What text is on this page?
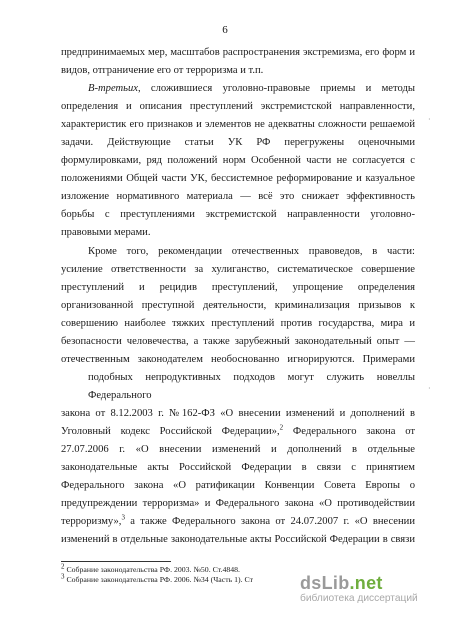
6
предпринимаемых мер, масштабов распространения экстремизма, его форм и
видов, отграничение его от терроризма и т.п.
В-третьих, сложившиеся уголовно-правовые приемы и методы
определения и описания преступлений экстремистской направленности,
характеристик его признаков и элементов не адекватны сложности решаемой
задачи. Действующие статьи УК РФ перегружены оценочными
формулировками, ряд положений норм Особенной части не согласуется с
положениями Общей части УК, бессистемное реформирование и казуальное
изложение нормативного материала — всё это снижает эффективность
борьбы с преступлениями экстремистской направленности уголовно-
правовыми мерами.
Кроме того, рекомендации отечественных правоведов, в части:
усиление ответственности за хулиганство, систематическое совершение
преступлений и рецидив преступлений, упрощение определения
организованной преступной деятельности, криминализация призывов к
совершению наиболее тяжких преступлений против государства, мира и
безопасности человечества, а также зарубежный законодательный опыт —
отечественным законодателем необоснованно игнорируются. Примерами
подобных непродуктивных подходов могут служить новеллы Федерального
закона от 8.12.2003 г. №162-ФЗ «О внесении изменений и дополнений в
Уголовный кодекс Российской Федерации»,$^2$ Федерального закона от
27.07.2006 г. «О внесении изменений и дополнений в отдельные
законодательные акты Российской Федерации в связи с принятием
Федерального закона «О ратификации Конвенции Совета Европы о
предупреждении терроризма» и Федерального закона «О противодействии
терроризму»,$^3$ а также Федерального закона от 24.07.2007 г. «О внесении
изменений в отдельные законодательные акты Российской Федерации в связи
·
·
$^2$ Собрание законодательства РФ. 2003. №50. Ст.4848.
$^3$ Собрание законодательства РФ. 2006. №34 (Часть 1). Ст	dsLib.net
библиотека диссертаций
